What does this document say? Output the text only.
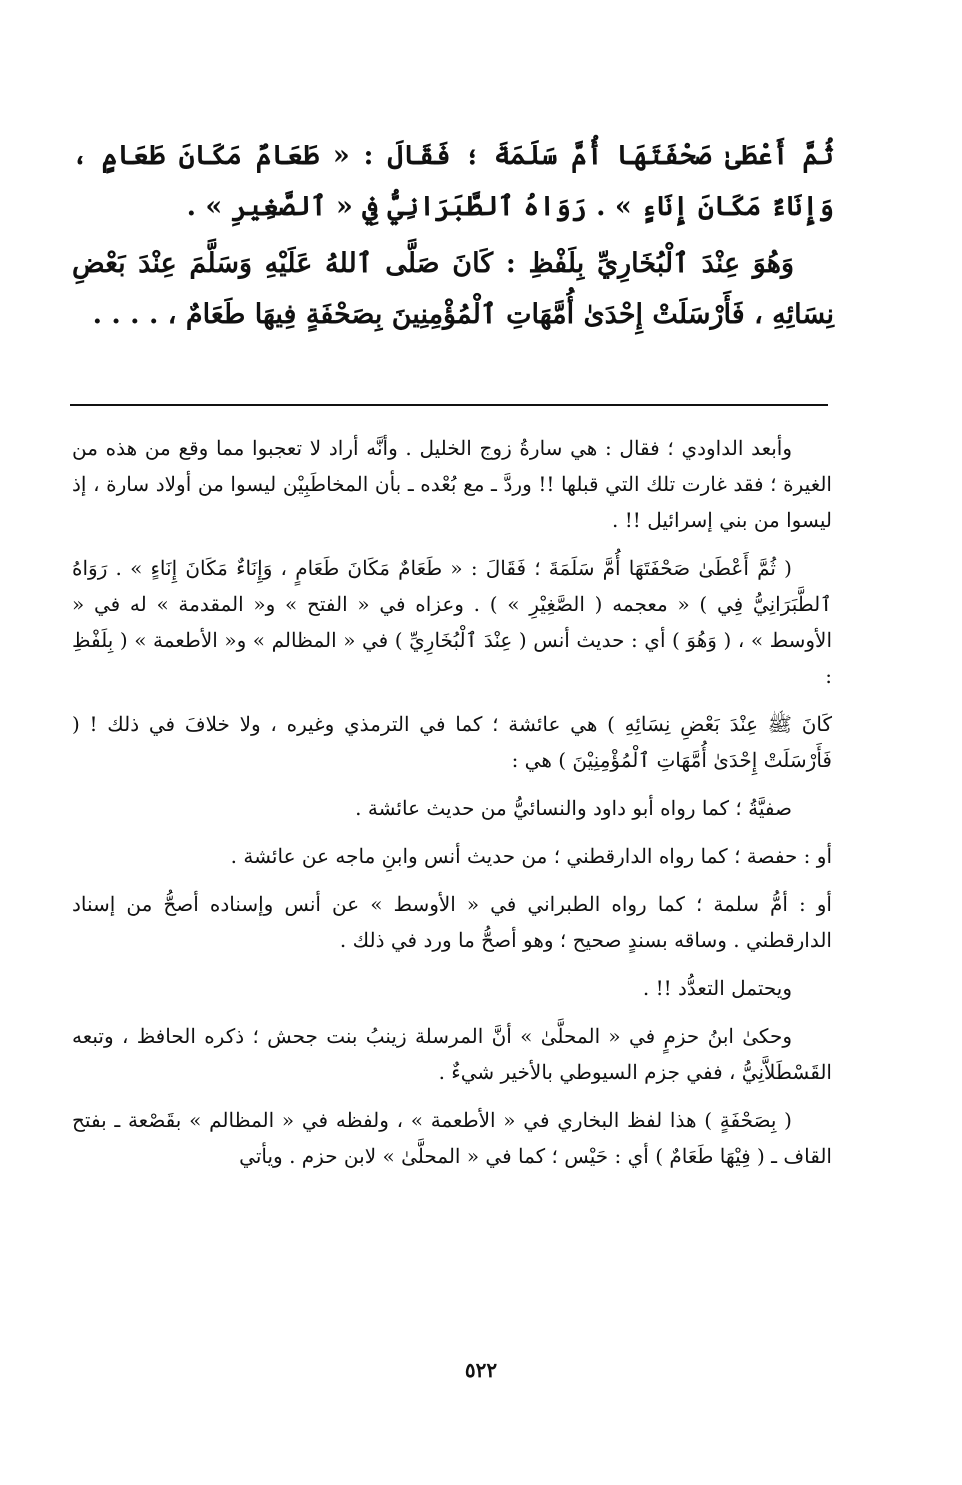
ثُمَّ أَعْطَىٰ صَحْفَتَهَا أُمَّ سَلَمَةَ ؛ فَقَالَ : « طَعَامٌ مَكَانَ طَعَامٍ ، وَإِنَاءٌ مَكَانَ إِنَاءٍ » . رَوَاهُ ٱلطَّبَرَانِيُّ فِي « ٱلصَّغِيرِ » .

وَهُوَ عِنْدَ ٱلْبُخَارِيِّ بِلَفْظِ : كَانَ صَلَّى ٱللهُ عَلَيْهِ وَسَلَّمَ عِنْدَ بَعْضِ نِسَائِهِ ، فَأَرْسَلَتْ إِحْدَىٰ أُمَّهَاتِ ٱلْمُؤْمِنِينَ بِصَحْفَةٍ فِيهَا طَعَامٌ ، . . . .

وأبعد الداودي ؛ فقال : هي سارةُ زوج الخليل . وأنَّه أراد لا تعجبوا مما وقع من هذه من الغيرة ؛ فقد غارت تلك التي قبلها !! وردَّ ـ مع بُعْده ـ بأن المخاطَبِيْن ليسوا من أولاد سارة ، إذ ليسوا من بني إسرائيل !! .

( ثُمَّ أَعْطَىٰ صَحْفَتَهَا أُمَّ سَلَمَةَ ؛ فَقَالَ : « طَعَامٌ مَكَانَ طَعَامٍ ، وَإِنَاءٌ مَكَانَ إِنَاءٍ » . رَوَاهُ ٱلطَّبَرَانِيُّ فِي ) « معجمه ( الصَّغِيْرِ » ) . وعزاه في « الفتح » و« المقدمة » له في « الأوسط » ، ( وَهُوَ ) أي : حديث أنس ( عِنْدَ ٱلْبُخَارِيِّ ) في « المظالم » و« الأطعمة » ( بِلَفْظِ :

كَانَ ﷺ عِنْدَ بَعْضِ نِسَائِهِ ) هي عائشة ؛ كما في الترمذي وغيره ، ولا خلافَ في ذلك ! ( فَأَرْسَلَتْ إِحْدَىٰ أُمَّهَاتِ ٱلْمُؤْمِنِيْنَ ) هي :

صفيَّةُ ؛ كما رواه أبو داود والنسائيُّ من حديث عائشة .

أو : حفصة ؛ كما رواه الدارقطني ؛ من حديث أنس وابنِ ماجه عن عائشة .

أو : أمُّ سلمة ؛ كما رواه الطبراني في « الأوسط » عن أنس وإسناده أصحُّ من إسناد الدارقطني . وساقه بسندٍ صحيح ؛ وهو أصحُّ ما ورد في ذلك .

ويحتمل التعدُّد !! .

وحكىٰ ابنُ حزمٍ في « المحلَّىٰ » أنَّ المرسلة زينبُ بنت جحش ؛ ذكره الحافظ ، وتبعه القَسْطَلاَّنِيُّ ، ففي جزم السيوطي بالأخير شيءٌ .

( بِصَحْفَةٍ ) هذا لفظ البخاري في « الأطعمة » ، ولفظه في « المظالم » بقَصْعة ـ بفتح القاف ـ ( فِيْهَا طَعَامٌ ) أي : حَيْس ؛ كما في « المحلَّىٰ » لابن حزم . ويأتي

٥٢٢
